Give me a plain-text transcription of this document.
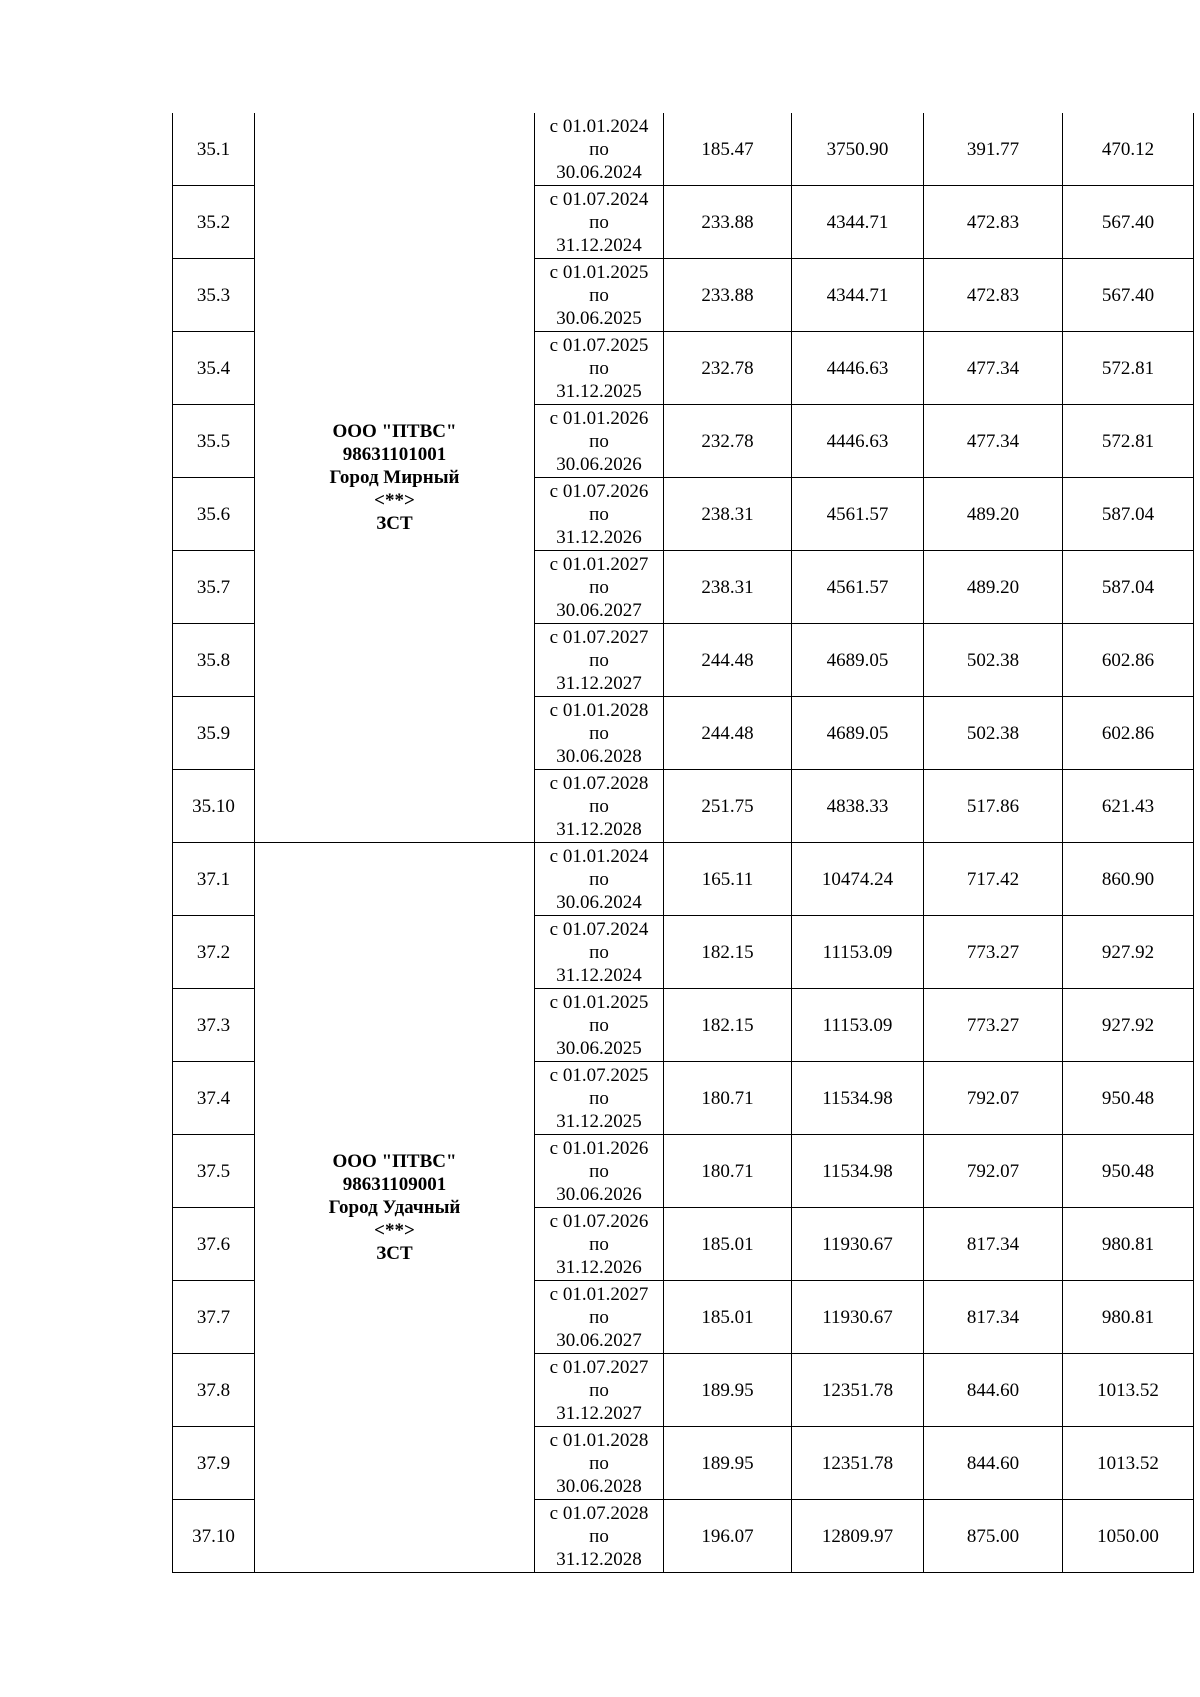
35.1	ООО "ПТВС"
98631101001
Город Мирный
<**>
ЗСТ	с 01.01.2024
по
30.06.2024	185.47	3750.90	391.77	470.12
35.2		с 01.07.2024
по
31.12.2024	233.88	4344.71	472.83	567.40
35.3		с 01.01.2025
по
30.06.2025	233.88	4344.71	472.83	567.40
35.4		с 01.07.2025
по
31.12.2025	232.78	4446.63	477.34	572.81
35.5		с 01.01.2026
по
30.06.2026	232.78	4446.63	477.34	572.81
35.6		с 01.07.2026
по
31.12.2026	238.31	4561.57	489.20	587.04
35.7		с 01.01.2027
по
30.06.2027	238.31	4561.57	489.20	587.04
35.8		с 01.07.2027
по
31.12.2027	244.48	4689.05	502.38	602.86
35.9		с 01.01.2028
по
30.06.2028	244.48	4689.05	502.38	602.86
35.10		с 01.07.2028
по
31.12.2028	251.75	4838.33	517.86	621.43
37.1	ООО "ПТВС"
98631109001
Город Удачный
<**>
ЗСТ	с 01.01.2024
по
30.06.2024	165.11	10474.24	717.42	860.90
37.2		с 01.07.2024
по
31.12.2024	182.15	11153.09	773.27	927.92
37.3		с 01.01.2025
по
30.06.2025	182.15	11153.09	773.27	927.92
37.4		с 01.07.2025
по
31.12.2025	180.71	11534.98	792.07	950.48
37.5		с 01.01.2026
по
30.06.2026	180.71	11534.98	792.07	950.48
37.6		с 01.07.2026
по
31.12.2026	185.01	11930.67	817.34	980.81
37.7		с 01.01.2027
по
30.06.2027	185.01	11930.67	817.34	980.81
37.8		с 01.07.2027
по
31.12.2027	189.95	12351.78	844.60	1013.52
37.9		с 01.01.2028
по
30.06.2028	189.95	12351.78	844.60	1013.52
37.10		с 01.07.2028
по
31.12.2028	196.07	12809.97	875.00	1050.00
